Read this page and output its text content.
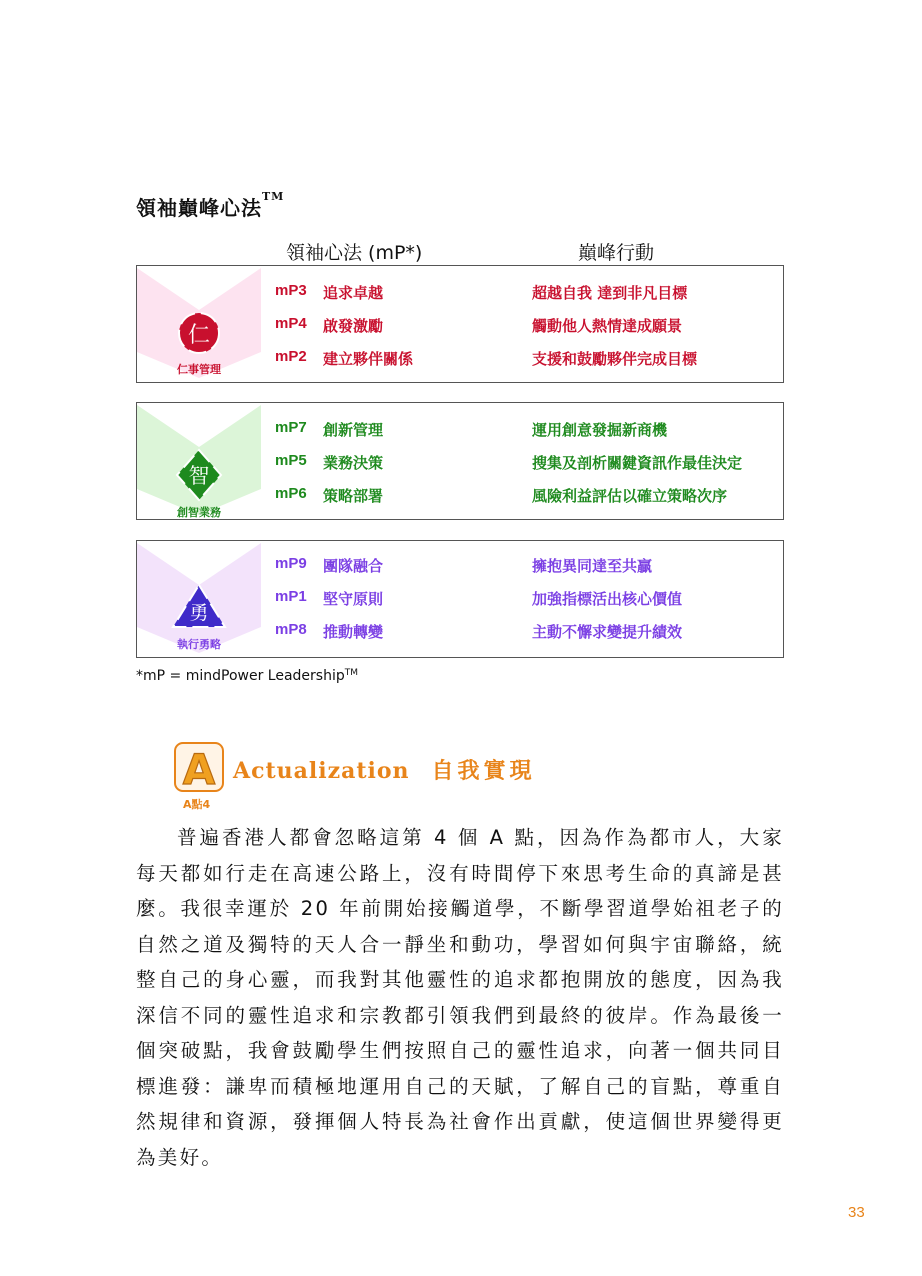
領袖巔峰心法™
領袖心法 (mP*)	巔峰行動
仁
仁事管理
mP3 追求卓越	超越自我 達到非凡目標
mP4 啟發激勵	觸動他人熱情達成願景
mP2 建立夥伴關係	支援和鼓勵夥伴完成目標
智
創智業務
mP7 創新管理	運用創意發掘新商機
mP5 業務決策	搜集及剖析關鍵資訊作最佳決定
mP6 策略部署	風險利益評估以確立策略次序
勇
執行勇略
mP9 團隊融合	擁抱異同達至共贏
mP1 堅守原則	加強指標活出核心價值
mP8 推動轉變	主動不懈求變提升績效
*mP = mindPower Leadership™
A
A點4
Actualization 自我實現
普遍香港人都會忽略這第 4 個 A 點，因為作為都市人，大家每天都如行走在高速公路上，沒有時間停下來思考生命的真諦是甚麼。我很幸運於 20 年前開始接觸道學，不斷學習道學始祖老子的自然之道及獨特的天人合一靜坐和動功，學習如何與宇宙聯絡，統整自己的身心靈，而我對其他靈性的追求都抱開放的態度，因為我深信不同的靈性追求和宗教都引領我們到最終的彼岸。作為最後一個突破點，我會鼓勵學生們按照自己的靈性追求，向著一個共同目標進發：謙卑而積極地運用自己的天賦，了解自己的盲點，尊重自然規律和資源，發揮個人特長為社會作出貢獻，使這個世界變得更為美好。
33
